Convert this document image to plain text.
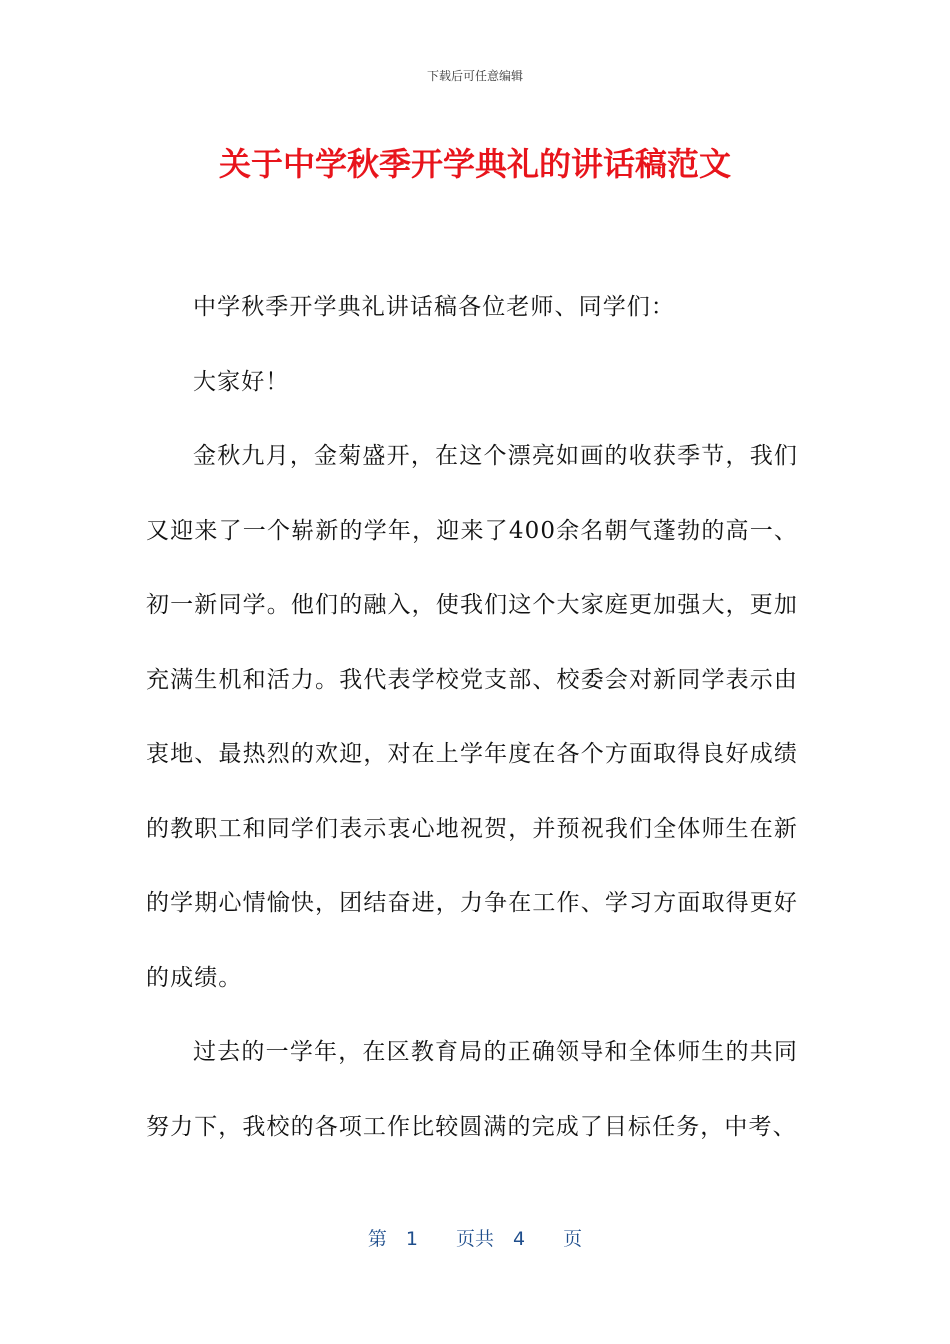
下载后可任意编辑
关于中学秋季开学典礼的讲话稿范文

中学秋季开学典礼讲话稿各位老师、同学们：

大家好！

金秋九月，金菊盛开，在这个漂亮如画的收获季节，我们又迎来了一个崭新的学年，迎来了400余名朝气蓬勃的高一、初一新同学。他们的融入，使我们这个大家庭更加强大，更加充满生机和活力。我代表学校党支部、校委会对新同学表示由衷地、最热烈的欢迎，对在上学年度在各个方面取得良好成绩的教职工和同学们表示衷心地祝贺，并预祝我们全体师生在新的学期心情愉快，团结奋进，力争在工作、学习方面取得更好的成绩。

过去的一学年，在区教育局的正确领导和全体师生的共同努力下，我校的各项工作比较圆满的完成了目标任务，中考、

第　1　　页共　4　　页
